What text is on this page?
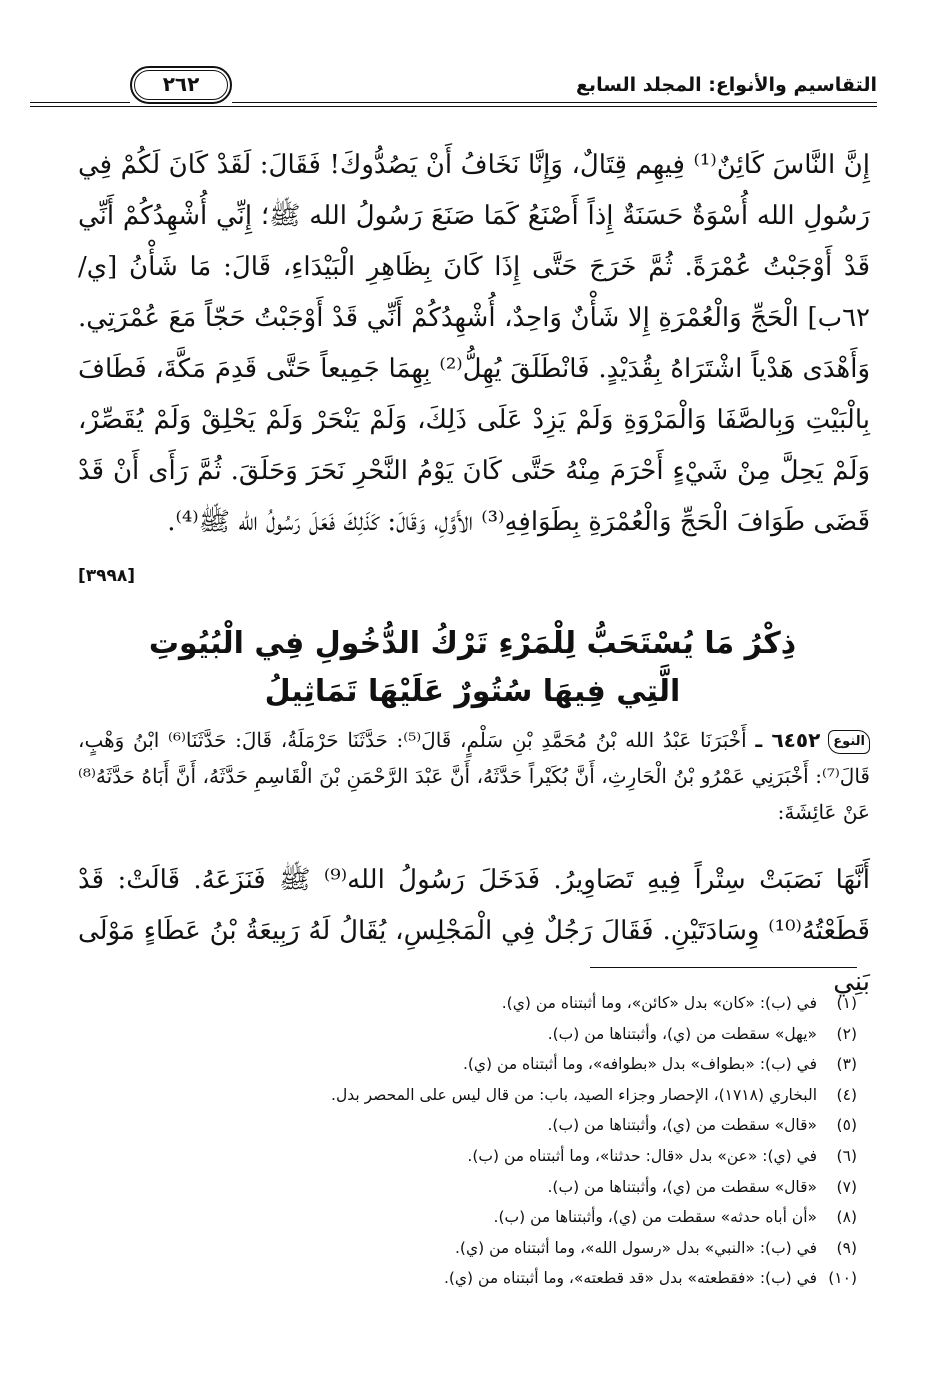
التقاسيم والأنواع: المجلد السابع
٢٦٢
إِنَّ النَّاسَ كَائِنٌ⁽¹⁾ فِيهِم قِتَالٌ، وَإِنَّا نَخَافُ أَنْ يَصُدُّوكَ! فَقَالَ: لَقَدْ كَانَ لَكُمْ فِي رَسُولِ الله أُسْوَةٌ حَسَنَةٌ إِذاً أَصْنَعُ كَمَا صَنَعَ رَسُولُ الله ﷺ؛ إِنِّي أُشْهِدُكُمْ أَنِّي قَدْ أَوْجَبْتُ عُمْرَةً. ثُمَّ خَرَجَ حَتَّى إِذَا كَانَ بِظَاهِرِ الْبَيْدَاءِ، قَالَ: مَا شَأْنُ [ي/٦٢ب] الْحَجِّ وَالْعُمْرَةِ إِلا شَأْنٌ وَاحِدٌ، أُشْهِدُكُمْ أَنِّي قَدْ أَوْجَبْتُ حَجّاً مَعَ عُمْرَتِي. وَأَهْدَى هَدْياً اشْتَرَاهُ بِقُدَيْدٍ. فَانْطَلَقَ يُهِلُّ⁽²⁾ بِهِمَا جَمِيعاً حَتَّى قَدِمَ مَكَّةَ، فَطَافَ بِالْبَيْتِ وَبِالصَّفَا وَالْمَرْوَةِ وَلَمْ يَزِدْ عَلَى ذَلِكَ، وَلَمْ يَنْحَرْ وَلَمْ يَحْلِقْ وَلَمْ يُقَصِّرْ، وَلَمْ يَحِلَّ مِنْ شَيْءٍ أَحْرَمَ مِنْهُ حَتَّى كَانَ يَوْمُ النَّحْرِ نَحَرَ وَحَلَقَ. ثُمَّ رَأَى أَنْ قَدْ قَضَى طَوَافَ الْحَجِّ وَالْعُمْرَةِ بِطَوَافِهِ⁽³⁾ الأَوَّلِ، وَقَالَ: كَذَلِكَ فَعَلَ رَسُولُ الله ﷺ⁽⁴⁾.
[٣٩٩٨]
ذِكْرُ مَا يُسْتَحَبُّ لِلْمَرْءِ تَرْكُ الدُّخُولِ فِي الْبُيُوتِ
الَّتِي فِيهَا سُتُورٌ عَلَيْهَا تَمَاثِيلُ
النوع٦٤٥٢ ـ أَخْبَرَنَا عَبْدُ الله بْنُ مُحَمَّدِ بْنِ سَلْمٍ، قَالَ⁽⁵⁾: حَدَّثَنَا حَرْمَلَةُ، قَالَ: حَدَّثَنَا⁽⁶⁾ ابْنُ وَهْبٍ، قَالَ⁽⁷⁾: أَخْبَرَنِي عَمْرُو بْنُ الْحَارِثِ، أَنَّ بُكَيْراً حَدَّثَهُ، أَنَّ عَبْدَ الرَّحْمَنِ بْنَ الْقَاسِمِ حَدَّثَهُ، أَنَّ أَبَاهُ حَدَّثَهُ⁽⁸⁾ عَنْ عَائِشَةَ:
أَنَّهَا نَصَبَتْ سِتْراً فِيهِ تَصَاوِيرُ. فَدَخَلَ رَسُولُ الله⁽⁹⁾ ﷺ فَنَزَعَهُ. قَالَتْ: قَدْ قَطَعْتُهُ⁽¹⁰⁾ وِسَادَتَيْنِ. فَقَالَ رَجُلٌ فِي الْمَجْلِسِ، يُقَالُ لَهُ رَبِيعَةُ بْنُ عَطَاءٍ مَوْلَى بَنِي
(١)في (ب): «كان» بدل «كائن»، وما أثبتناه من (ي).
(٢)«يهل» سقطت من (ي)، وأثبتناها من (ب).
(٣)في (ب): «بطواف» بدل «بطوافه»، وما أثبتناه من (ي).
(٤)البخاري (١٧١٨)، الإحصار وجزاء الصيد، باب: من قال ليس على المحصر بدل.
(٥)«قال» سقطت من (ي)، وأثبتناها من (ب).
(٦)في (ي): «عن» بدل «قال: حدثنا»، وما أثبتناه من (ب).
(٧)«قال» سقطت من (ي)، وأثبتناها من (ب).
(٨)«أن أباه حدثه» سقطت من (ي)، وأثبتناها من (ب).
(٩)في (ب): «النبي» بدل «رسول الله»، وما أثبتناه من (ي).
(١٠)في (ب): «فقطعته» بدل «قد قطعته»، وما أثبتناه من (ي).
